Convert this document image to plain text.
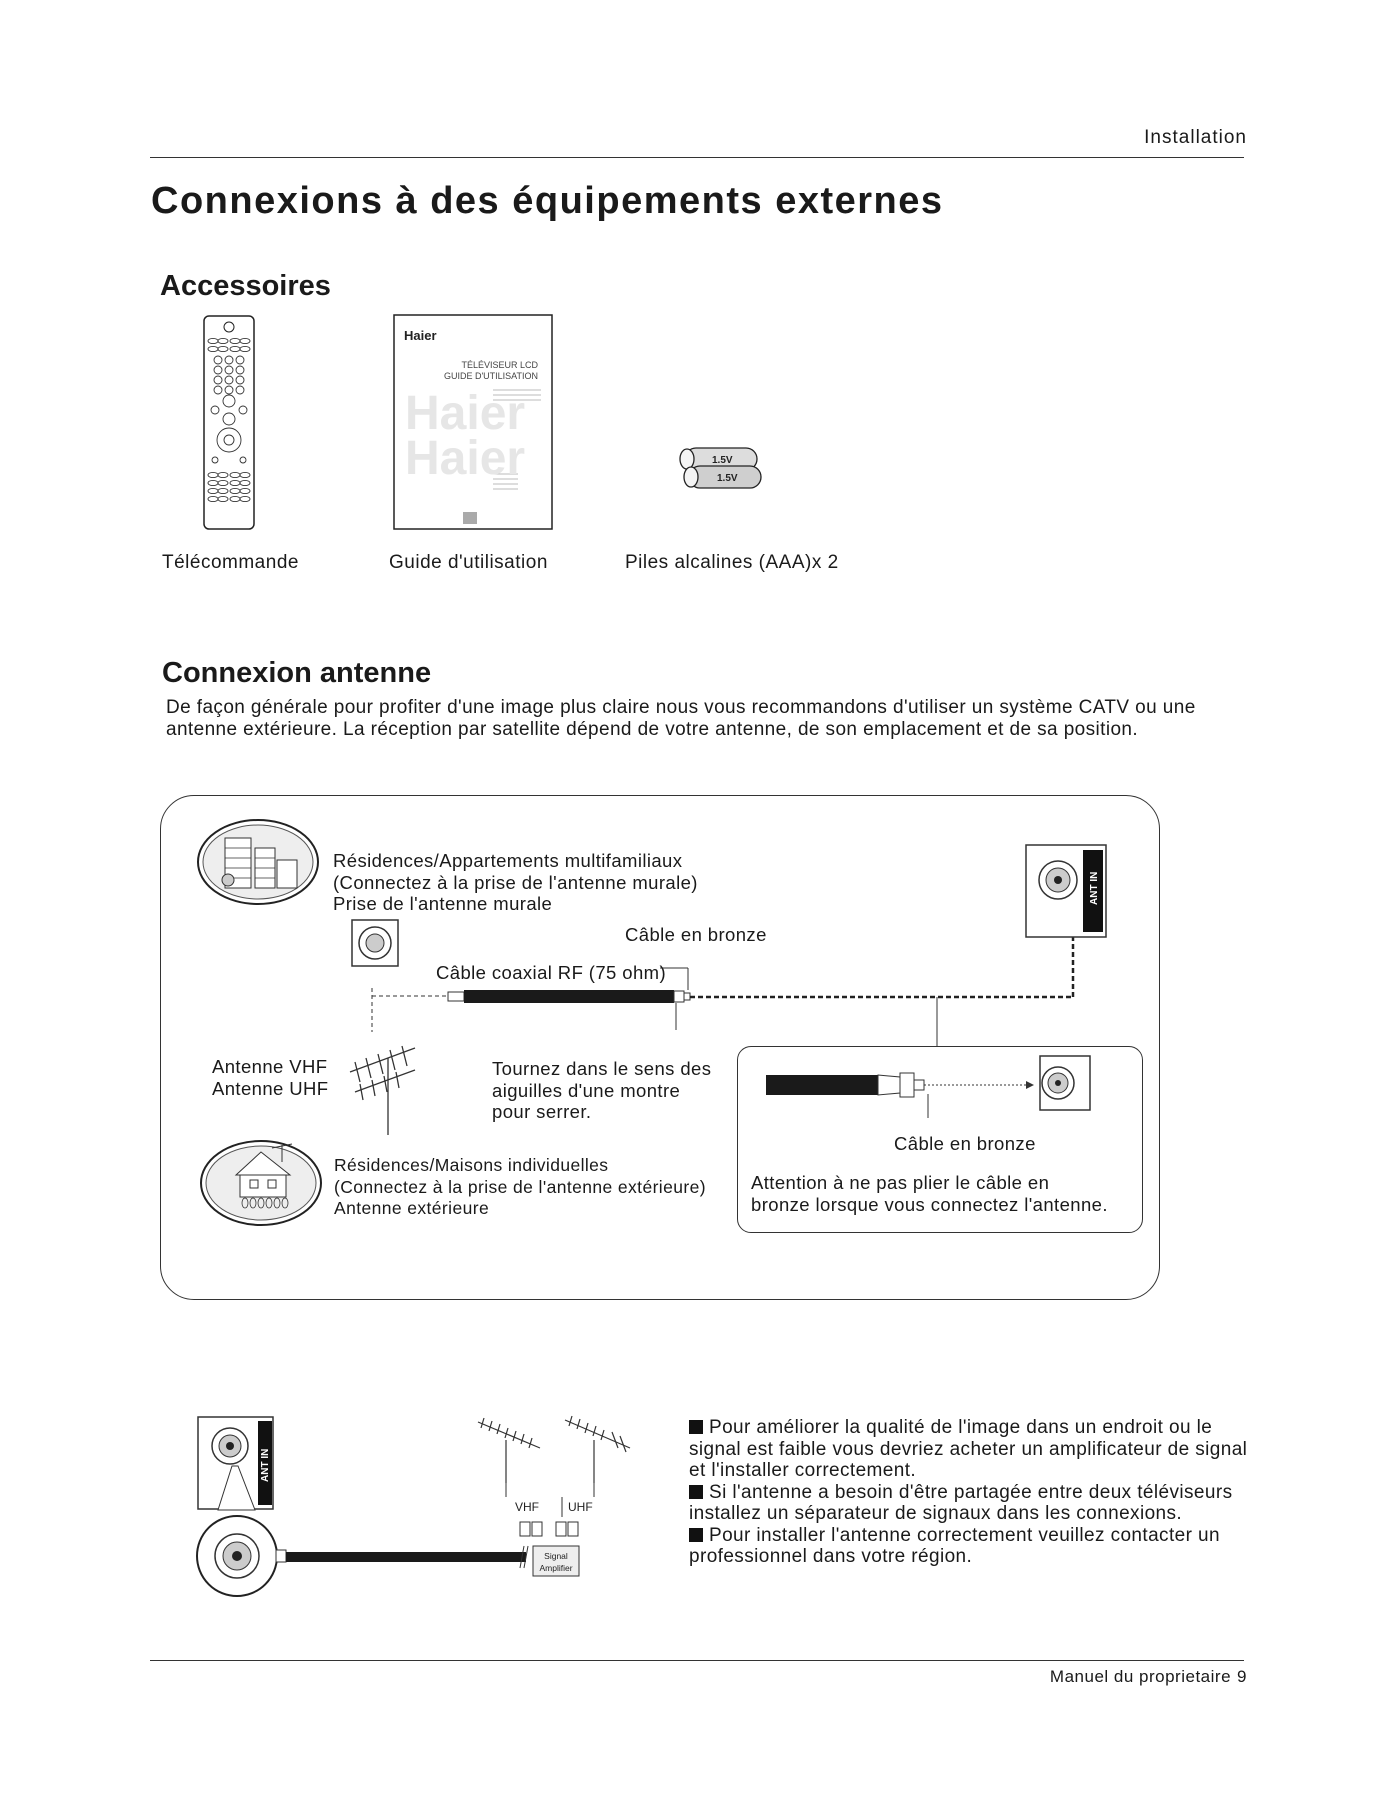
Installation
Connexions à des équipements externes
Accessoires
Haier
TÉLÉVISEUR LCD
GUIDE D'UTILISATION
Haier
Haier	1.5V
1.5V
Télécommande	Guide d'utilisation	Piles alcalines (AAA)x 2
Connexion antenne
De façon générale pour profiter d'une image plus claire nous vous recommandons d'utiliser un système CATV ou une
antenne extérieure. La réception par satellite dépend de votre antenne, de son emplacement et de sa position.
ANT IN
ANT IN
VHF UHF
Signal
Amplifier
Résidences/Appartements multifamiliaux
(Connectez à la prise de l'antenne murale)
Prise de l'antenne murale
Câble en bronze
Câble coaxial RF (75 ohm)
Antenne VHF
Antenne UHF
Tournez dans le sens des
aiguilles d'une montre
pour serrer.
Résidences/Maisons individuelles
(Connectez à la prise de l'antenne extérieure)
Antenne extérieure
Câble en bronze
Attention à ne pas plier le câble en
bronze lorsque vous connectez l'antenne.

Pour améliorer la qualité de l'image dans un endroit ou le signal est faible vous devriez acheter un amplificateur de signal et l'installer correctement.

Si l'antenne a besoin d'être partagée entre deux téléviseurs installez un séparateur de signaux dans les connexions.

Pour installer l'antenne correctement veuillez contacter un professionnel dans votre région.

Manuel du proprietaire 9
